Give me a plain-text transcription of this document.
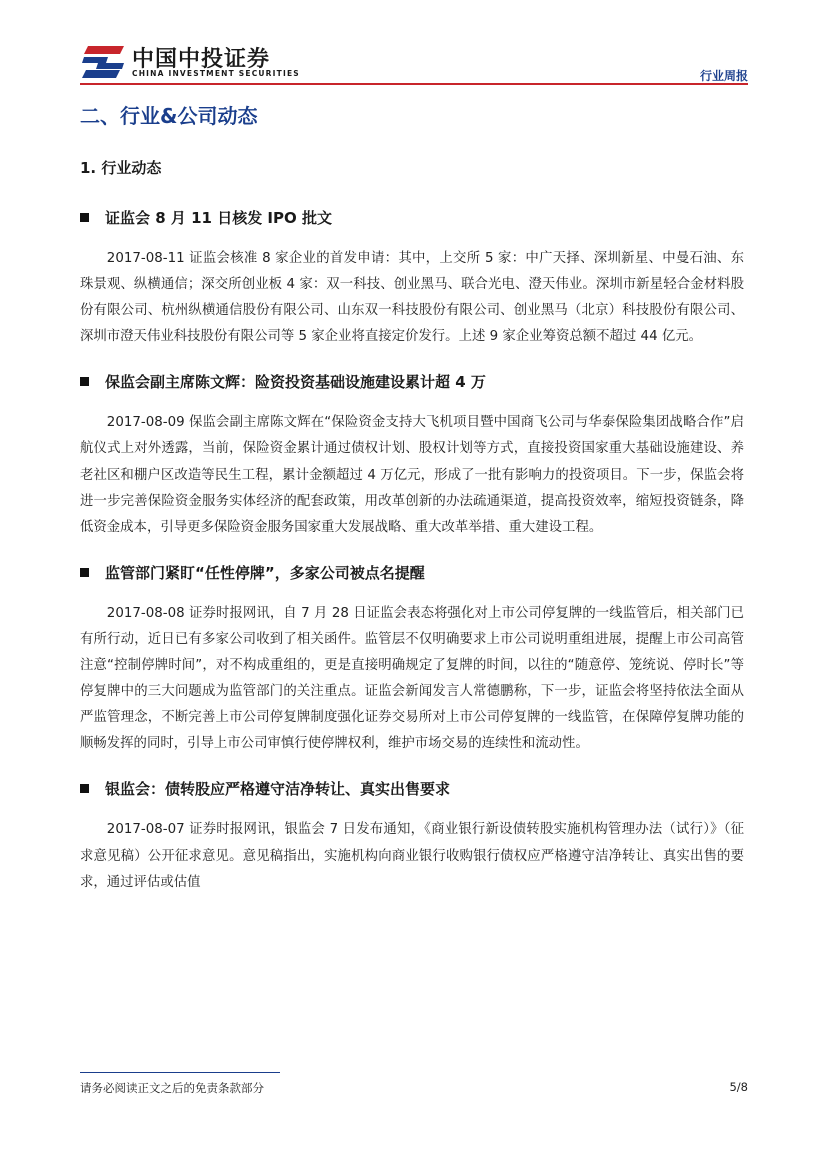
中国中投证券
CHINA INVESTMENT SECURITIES	行业周报
二、行业&公司动态
1. 行业动态
证监会 8 月 11 日核发 IPO 批文

2017-08-11 证监会核准 8 家企业的首发申请：其中，上交所 5 家：中广天择、深圳新星、中曼石油、东珠景观、纵横通信；深交所创业板 4 家：双一科技、创业黑马、联合光电、澄天伟业。深圳市新星轻合金材料股份有限公司、杭州纵横通信股份有限公司、山东双一科技股份有限公司、创业黑马（北京）科技股份有限公司、深圳市澄天伟业科技股份有限公司等 5 家企业将直接定价发行。上述 9 家企业筹资总额不超过 44 亿元。

保监会副主席陈文辉：险资投资基础设施建设累计超 4 万

2017-08-09 保监会副主席陈文辉在“保险资金支持大飞机项目暨中国商飞公司与华泰保险集团战略合作”启航仪式上对外透露，当前，保险资金累计通过债权计划、股权计划等方式，直接投资国家重大基础设施建设、养老社区和棚户区改造等民生工程，累计金额超过 4 万亿元，形成了一批有影响力的投资项目。下一步，保监会将进一步完善保险资金服务实体经济的配套政策，用改革创新的办法疏通渠道，提高投资效率，缩短投资链条，降低资金成本，引导更多保险资金服务国家重大发展战略、重大改革举措、重大建设工程。

监管部门紧盯“任性停牌”，多家公司被点名提醒

2017-08-08 证券时报网讯，自 7 月 28 日证监会表态将强化对上市公司停复牌的一线监管后，相关部门已有所行动，近日已有多家公司收到了相关函件。监管层不仅明确要求上市公司说明重组进展，提醒上市公司高管注意“控制停牌时间”，对不构成重组的，更是直接明确规定了复牌的时间，以往的“随意停、笼统说、停时长”等停复牌中的三大问题成为监管部门的关注重点。证监会新闻发言人常德鹏称，下一步，证监会将坚持依法全面从严监管理念，不断完善上市公司停复牌制度强化证券交易所对上市公司停复牌的一线监管，在保障停复牌功能的顺畅发挥的同时，引导上市公司审慎行使停牌权利，维护市场交易的连续性和流动性。

银监会：债转股应严格遵守洁净转让、真实出售要求

2017-08-07 证券时报网讯，银监会 7 日发布通知，《商业银行新设债转股实施机构管理办法（试行）》（征求意见稿）公开征求意见。意见稿指出，实施机构向商业银行收购银行债权应严格遵守洁净转让、真实出售的要求，通过评估或估值

请务必阅读正文之后的免责条款部分	5/8
